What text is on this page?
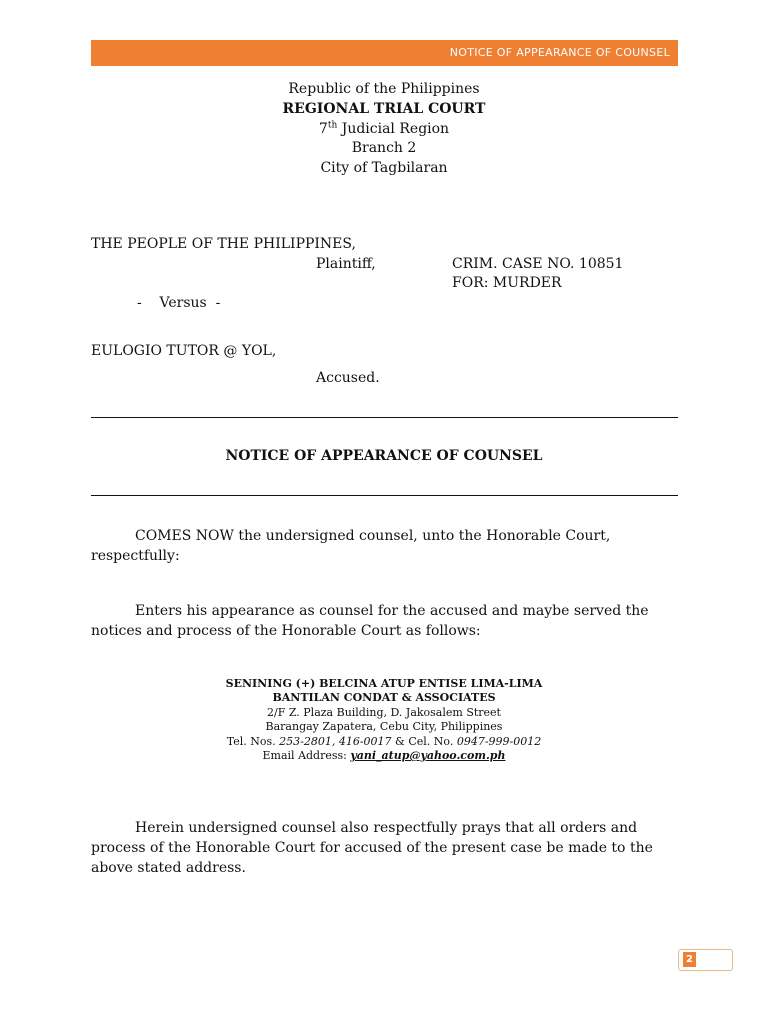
NOTICE OF APPEARANCE OF COUNSEL
Republic of the Philippines
REGIONAL TRIAL COURT
7th Judicial Region
Branch 2
City of Tagbilaran
THE PEOPLE OF THE PHILIPPINES,
Plaintiff,	CRIM. CASE NO. 10851
FOR: MURDER
-    Versus  -
EULOGIO TUTOR @ YOL,
Accused.
NOTICE OF APPEARANCE OF COUNSEL

COMES NOW the undersigned counsel, unto the Honorable Court,

respectfully:

Enters his appearance as counsel for the accused and maybe served the

notices and process of the Honorable Court as follows:

SENINING (+) BELCINA ATUP ENTISE LIMA-LIMA
BANTILAN CONDAT & ASSOCIATES
2/F Z. Plaza Building, D. Jakosalem Street
Barangay Zapatera, Cebu City, Philippines
Tel. Nos. 253-2801, 416-0017 & Cel. No. 0947-999-0012
Email Address: yani_atup@yahoo.com.ph

Herein undersigned counsel also respectfully prays that all orders and

process of the Honorable Court for accused of the present case be made to the

above stated address.

2
